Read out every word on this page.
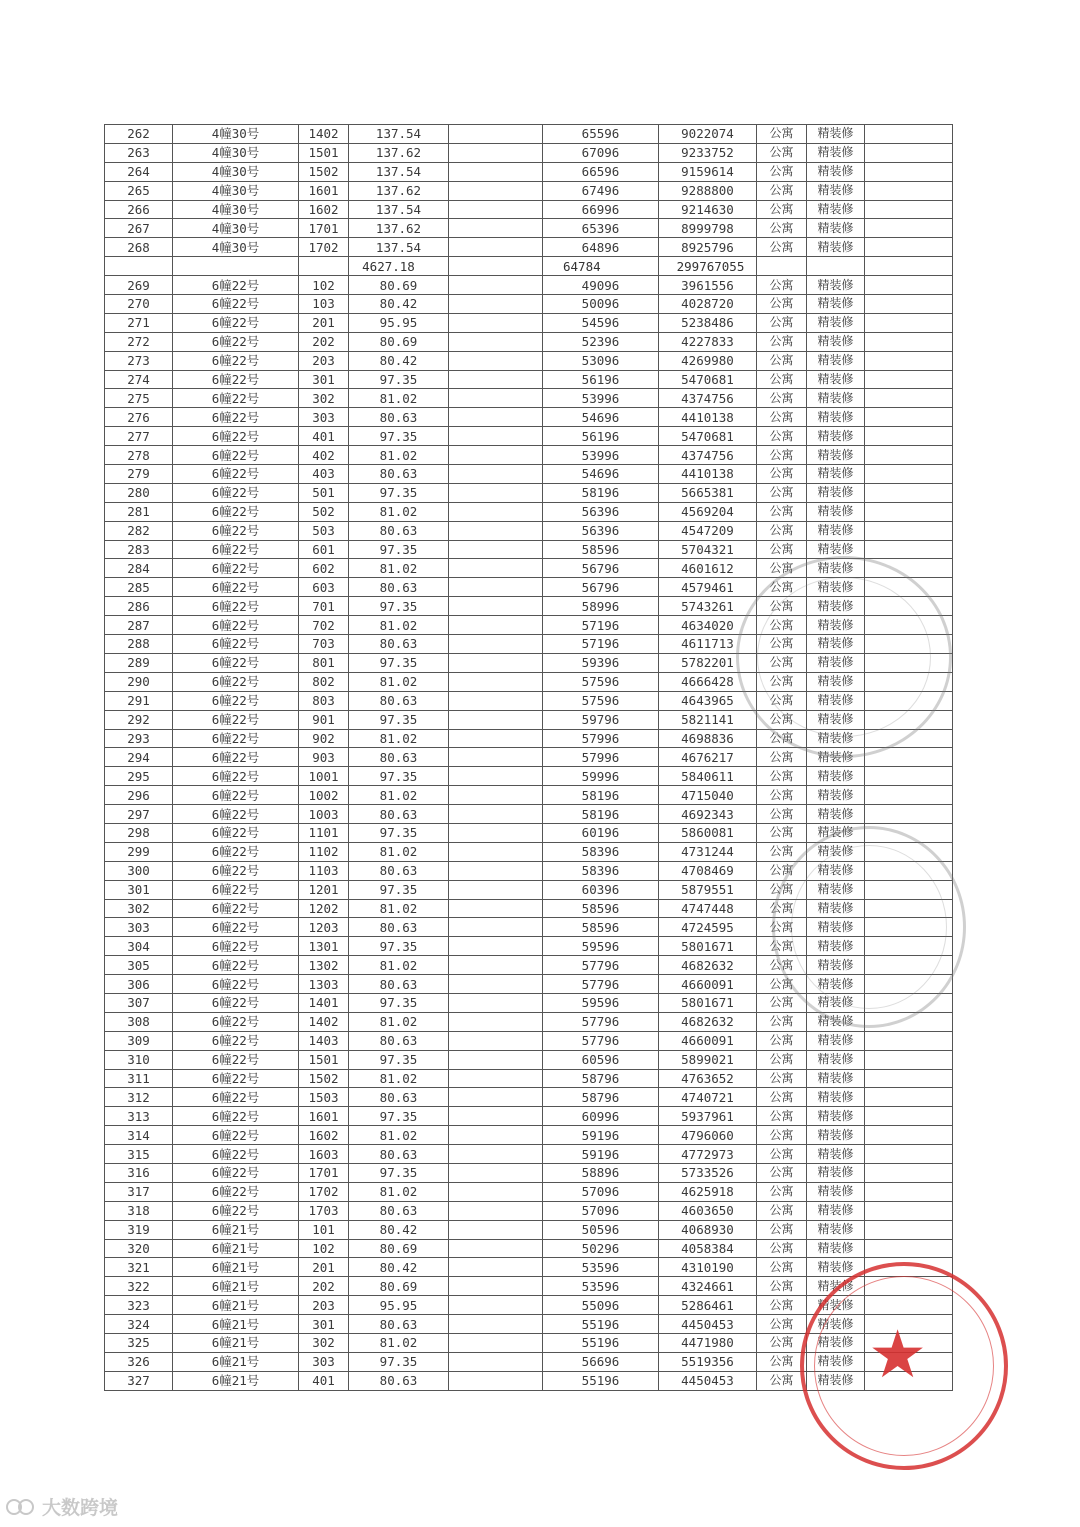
262	4幢30号	1402	137.54		65596	9022074	公寓	精装修	
263	4幢30号	1501	137.62		67096	9233752	公寓	精装修	
264	4幢30号	1502	137.54		66596	9159614	公寓	精装修	
265	4幢30号	1601	137.62		67496	9288800	公寓	精装修	
266	4幢30号	1602	137.54		66996	9214630	公寓	精装修	
267	4幢30号	1701	137.62		65396	8999798	公寓	精装修	
268	4幢30号	1702	137.54		64896	8925796	公寓	精装修	
			4627.18		64784	299767055			
269	6幢22号	102	80.69		49096	3961556	公寓	精装修	
270	6幢22号	103	80.42		50096	4028720	公寓	精装修	
271	6幢22号	201	95.95		54596	5238486	公寓	精装修	
272	6幢22号	202	80.69		52396	4227833	公寓	精装修	
273	6幢22号	203	80.42		53096	4269980	公寓	精装修	
274	6幢22号	301	97.35		56196	5470681	公寓	精装修	
275	6幢22号	302	81.02		53996	4374756	公寓	精装修	
276	6幢22号	303	80.63		54696	4410138	公寓	精装修	
277	6幢22号	401	97.35		56196	5470681	公寓	精装修	
278	6幢22号	402	81.02		53996	4374756	公寓	精装修	
279	6幢22号	403	80.63		54696	4410138	公寓	精装修	
280	6幢22号	501	97.35		58196	5665381	公寓	精装修	
281	6幢22号	502	81.02		56396	4569204	公寓	精装修	
282	6幢22号	503	80.63		56396	4547209	公寓	精装修	
283	6幢22号	601	97.35		58596	5704321	公寓	精装修	
284	6幢22号	602	81.02		56796	4601612	公寓	精装修	
285	6幢22号	603	80.63		56796	4579461	公寓	精装修	
286	6幢22号	701	97.35		58996	5743261	公寓	精装修	
287	6幢22号	702	81.02		57196	4634020	公寓	精装修	
288	6幢22号	703	80.63		57196	4611713	公寓	精装修	
289	6幢22号	801	97.35		59396	5782201	公寓	精装修	
290	6幢22号	802	81.02		57596	4666428	公寓	精装修	
291	6幢22号	803	80.63		57596	4643965	公寓	精装修	
292	6幢22号	901	97.35		59796	5821141	公寓	精装修	
293	6幢22号	902	81.02		57996	4698836	公寓	精装修	
294	6幢22号	903	80.63		57996	4676217	公寓	精装修	
295	6幢22号	1001	97.35		59996	5840611	公寓	精装修	
296	6幢22号	1002	81.02		58196	4715040	公寓	精装修	
297	6幢22号	1003	80.63		58196	4692343	公寓	精装修	
298	6幢22号	1101	97.35		60196	5860081	公寓	精装修	
299	6幢22号	1102	81.02		58396	4731244	公寓	精装修	
300	6幢22号	1103	80.63		58396	4708469	公寓	精装修	
301	6幢22号	1201	97.35		60396	5879551	公寓	精装修	
302	6幢22号	1202	81.02		58596	4747448	公寓	精装修	
303	6幢22号	1203	80.63		58596	4724595	公寓	精装修	
304	6幢22号	1301	97.35		59596	5801671	公寓	精装修	
305	6幢22号	1302	81.02		57796	4682632	公寓	精装修	
306	6幢22号	1303	80.63		57796	4660091	公寓	精装修	
307	6幢22号	1401	97.35		59596	5801671	公寓	精装修	
308	6幢22号	1402	81.02		57796	4682632	公寓	精装修	
309	6幢22号	1403	80.63		57796	4660091	公寓	精装修	
310	6幢22号	1501	97.35		60596	5899021	公寓	精装修	
311	6幢22号	1502	81.02		58796	4763652	公寓	精装修	
312	6幢22号	1503	80.63		58796	4740721	公寓	精装修	
313	6幢22号	1601	97.35		60996	5937961	公寓	精装修	
314	6幢22号	1602	81.02		59196	4796060	公寓	精装修	
315	6幢22号	1603	80.63		59196	4772973	公寓	精装修	
316	6幢22号	1701	97.35		58896	5733526	公寓	精装修	
317	6幢22号	1702	81.02		57096	4625918	公寓	精装修	
318	6幢22号	1703	80.63		57096	4603650	公寓	精装修	
319	6幢21号	101	80.42		50596	4068930	公寓	精装修	
320	6幢21号	102	80.69		50296	4058384	公寓	精装修	
321	6幢21号	201	80.42		53596	4310190	公寓	精装修	
322	6幢21号	202	80.69		53596	4324661	公寓	精装修	
323	6幢21号	203	95.95		55096	5286461	公寓	精装修	
324	6幢21号	301	80.63		55196	4450453	公寓	精装修	
325	6幢21号	302	81.02		55196	4471980	公寓	精装修	
326	6幢21号	303	97.35		56696	5519356	公寓	精装修	
327	6幢21号	401	80.63		55196	4450453	公寓	精装修	★
大数跨境
